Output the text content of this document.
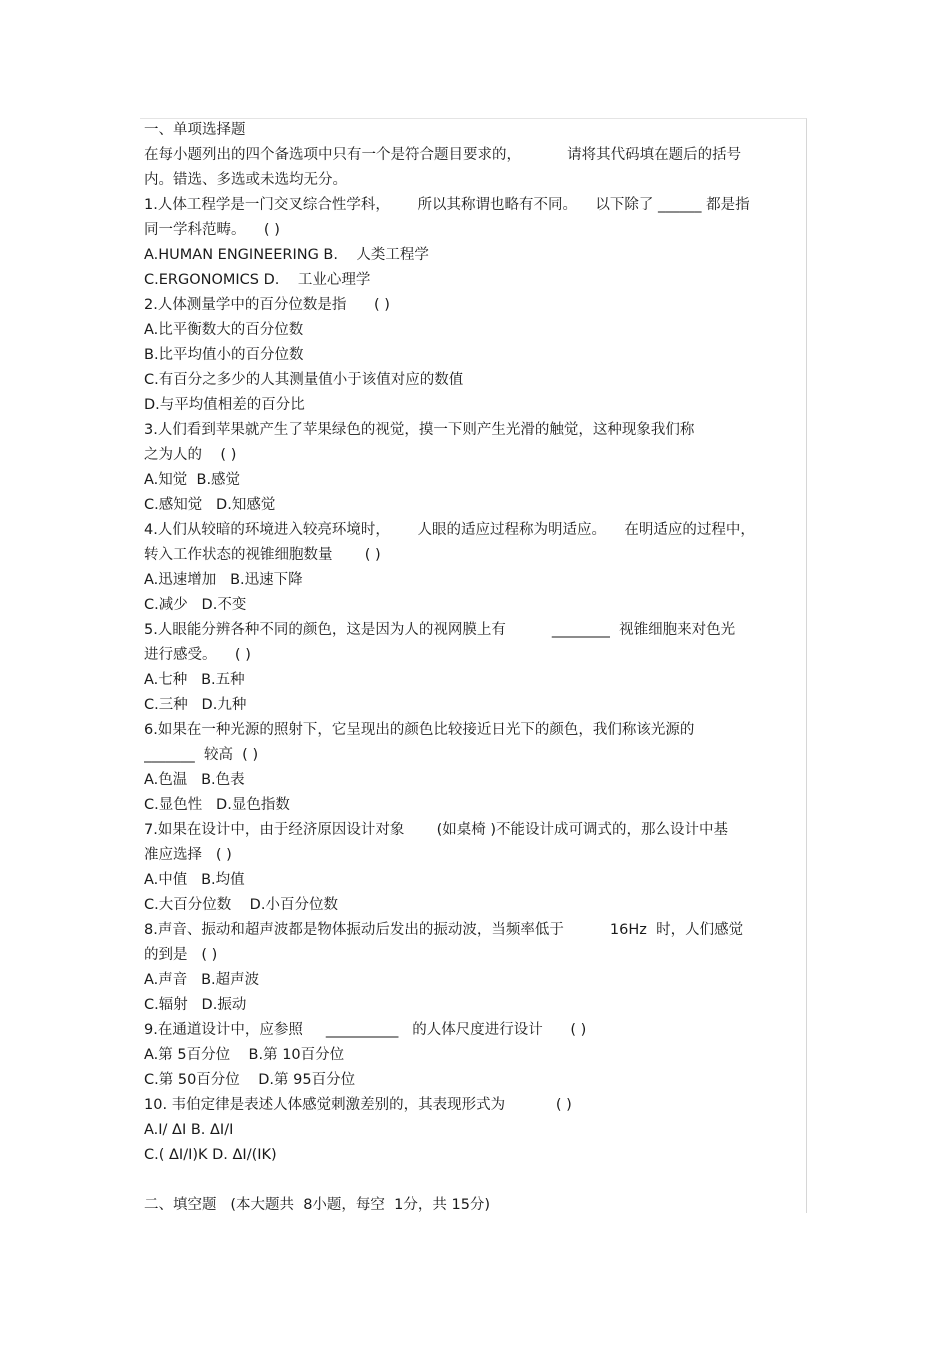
一、单项选择题
在每小题列出的四个备选项中只有一个是符合题目要求的，          请将其代码填在题后的括号
内。错选、多选或未选均无分。
1.人体工程学是一门交叉综合性学科，      所以其称谓也略有不同。    以下除了 ______ 都是指
同一学科范畴。    ( )
A.HUMAN ENGINEERING B.    人类工程学
C.ERGONOMICS D.    工业心理学
2.人体测量学中的百分位数是指      ( )
A.比平衡数大的百分位数
B.比平均值小的百分位数
C.有百分之多少的人其测量值小于该值对应的数值
D.与平均值相差的百分比
3.人们看到苹果就产生了苹果绿色的视觉，摸一下则产生光滑的触觉，这种现象我们称
之为人的    ( )
A.知觉  B.感觉
C.感知觉   D.知感觉
4.人们从较暗的环境进入较亮环境时，      人眼的适应过程称为明适应。    在明适应的过程中，
转入工作状态的视锥细胞数量       ( )
A.迅速增加   B.迅速下降
C.减少   D.不变
5.人眼能分辨各种不同的颜色，这是因为人的视网膜上有          ________  视锥细胞来对色光
进行感受。    ( )
A.七种   B.五种
C.三种   D.九种
6.如果在一种光源的照射下，它呈现出的颜色比较接近日光下的颜色，我们称该光源的
_______  较高  ( )
A.色温   B.色表
C.显色性   D.显色指数
7.如果在设计中，由于经济原因设计对象       (如桌椅 )不能设计成可调式的，那么设计中基
准应选择   ( )
A.中值   B.均值
C.大百分位数    D.小百分位数
8.声音、振动和超声波都是物体振动后发出的振动波，当频率低于          16Hz  时，人们感觉
的到是   ( )
A.声音   B.超声波
C.辐射   D.振动
9.在通道设计中，应参照     __________   的人体尺度进行设计      ( )
A.第 5百分位    B.第 10百分位
C.第 50百分位    D.第 95百分位
10. 韦伯定律是表述人体感觉刺激差别的，其表现形式为           ( )
A.I/ ΔI B. ΔI/I
C.( ΔI/I)K D. ΔI/(IK)
二、填空题   (本大题共  8小题，每空  1分，共 15分)
